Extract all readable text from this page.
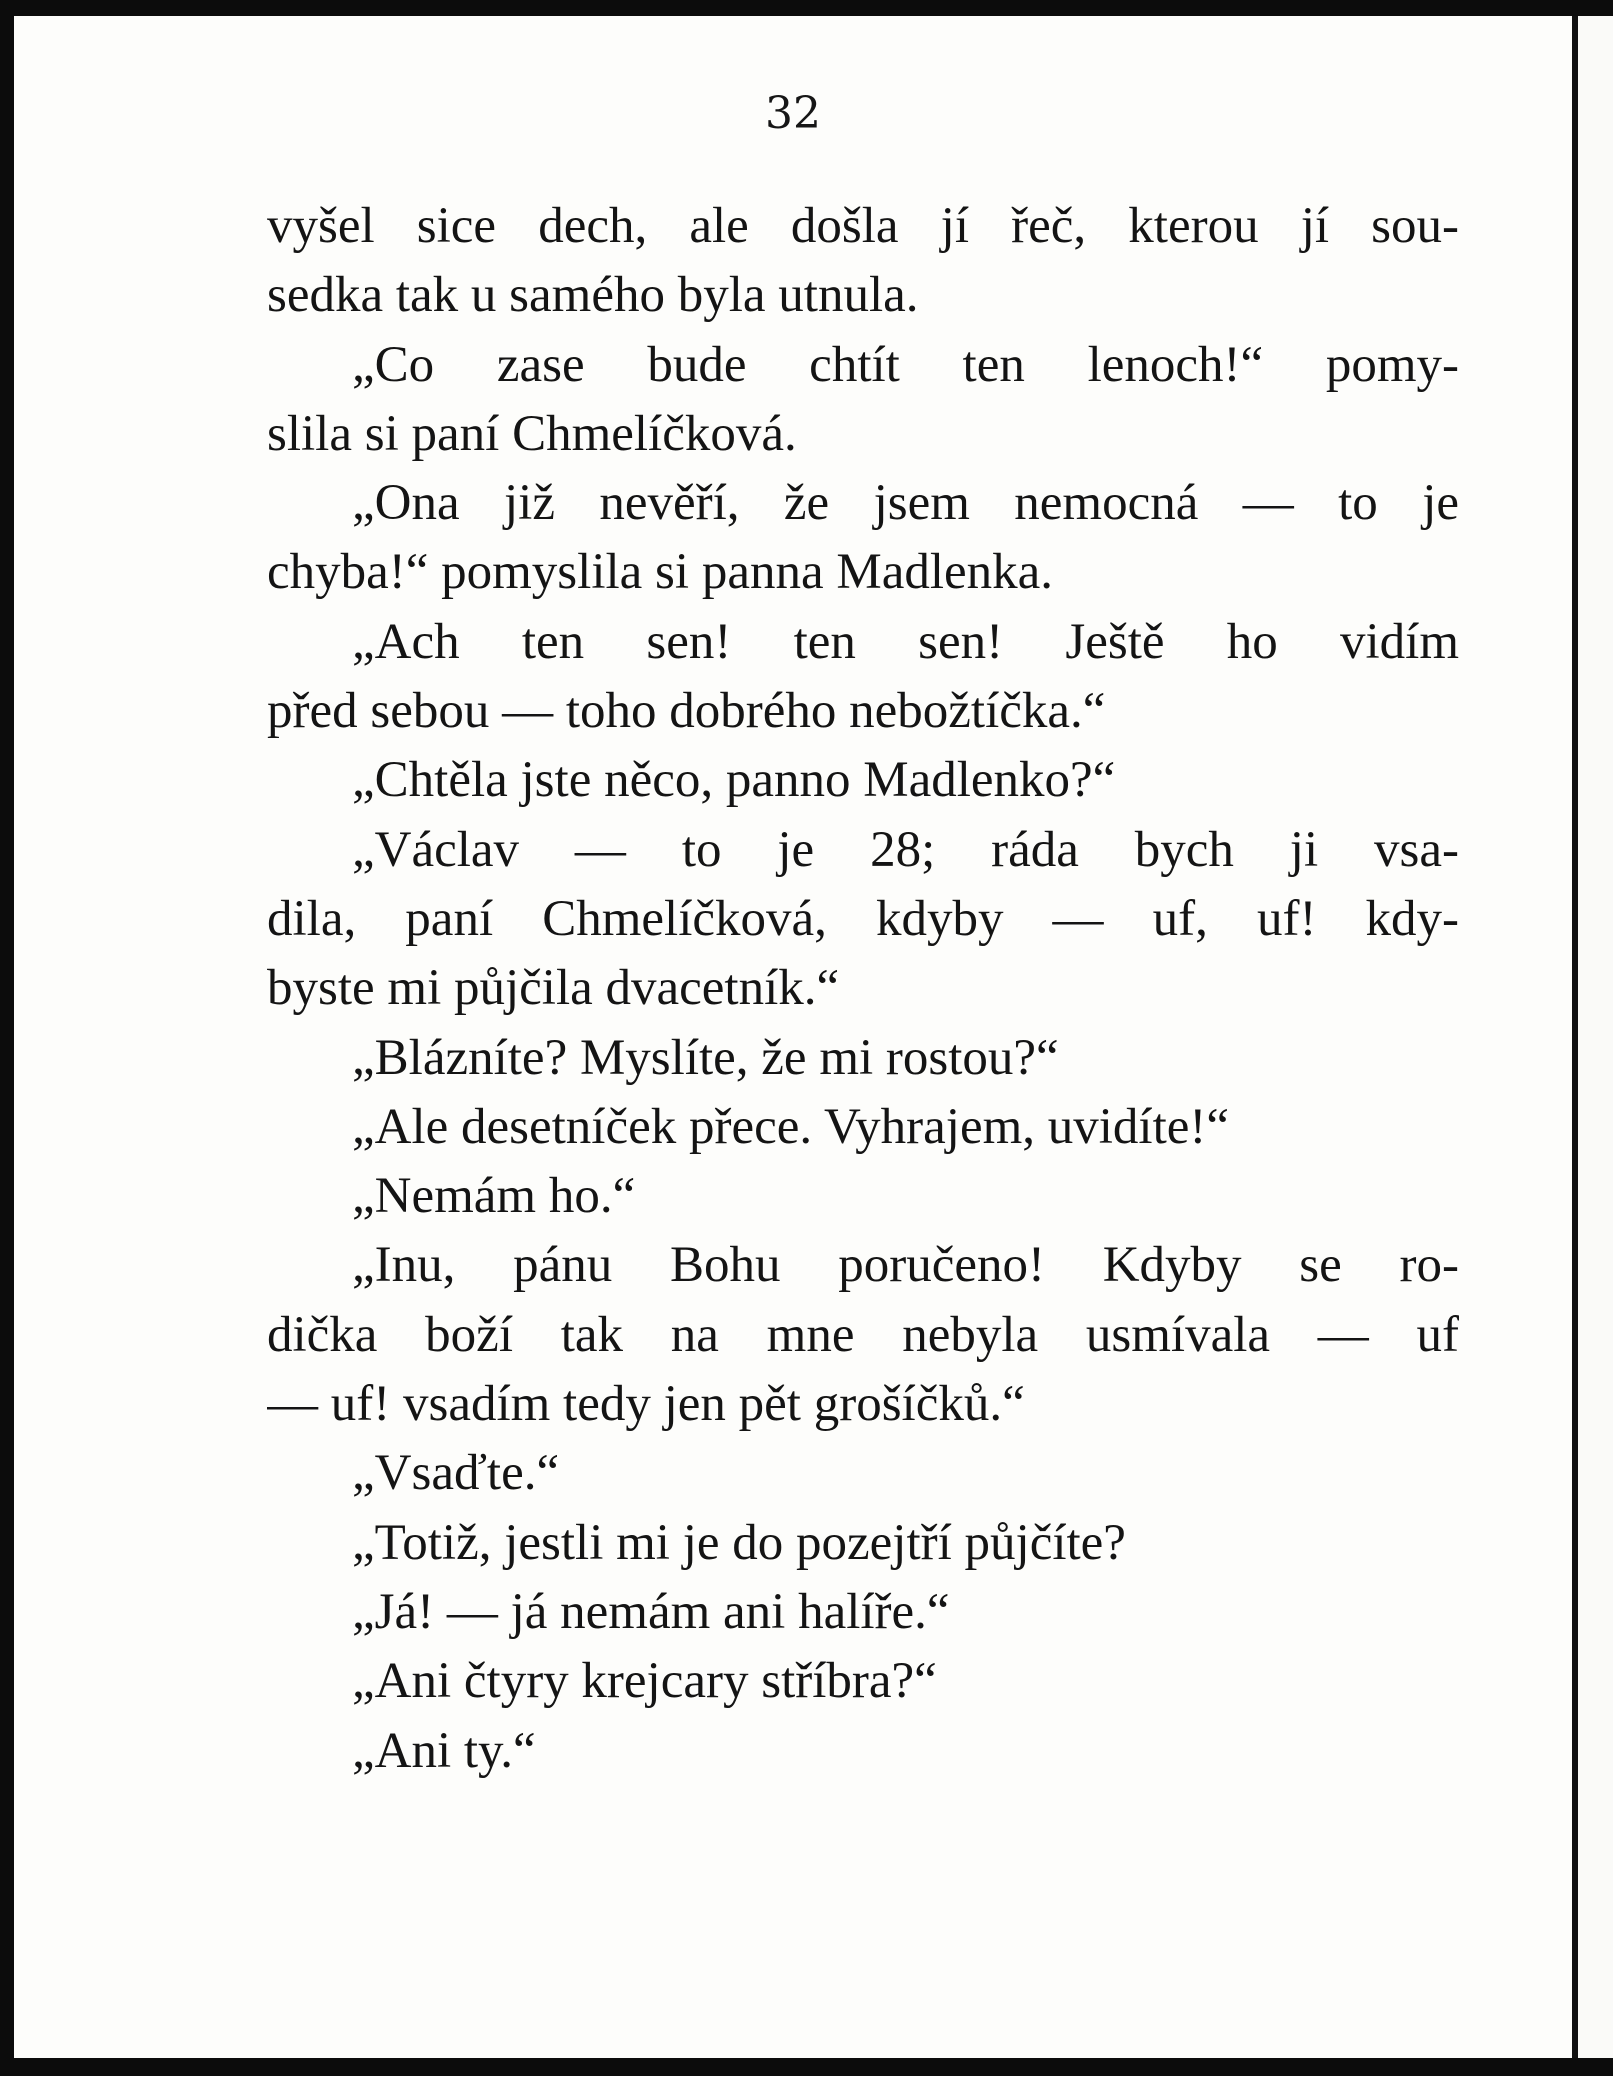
32
vyšel sice dech, ale došla jí řeč, kterou jí sou-
sedka tak u samého byla utnula.
„Co zase bude chtít ten lenoch!“ pomy-
slila si paní Chmelíčková.
„Ona již nevěří, že jsem nemocná — to je
chyba!“ pomyslila si panna Madlenka.
„Ach ten sen! ten sen! Ještě ho vidím
před sebou — toho dobrého nebožtíčka.“
„Chtěla jste něco, panno Madlenko?“
„Václav — to je 28; ráda bych ji vsa-
dila, paní Chmelíčková, kdyby — uf, uf! kdy-
byste mi půjčila dvacetník.“
„Blázníte? Myslíte, že mi rostou?“
„Ale desetníček přece. Vyhrajem, uvidíte!“
„Nemám ho.“
„Inu, pánu Bohu poručeno! Kdyby se ro-
dička boží tak na mne nebyla usmívala — uf
— uf! vsadím tedy jen pět grošíčků.“
„Vsaďte.“
„Totiž, jestli mi je do pozejtří půjčíte?
„Já! — já nemám ani halíře.“
„Ani čtyry krejcary stříbra?“
„Ani ty.“
